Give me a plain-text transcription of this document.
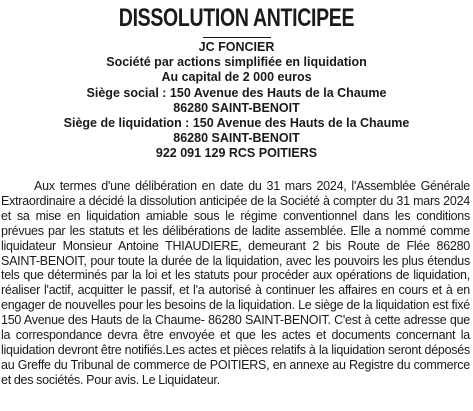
DISSOLUTION ANTICIPEE
JC FONCIER
Société par actions simplifiée en liquidation
Au capital de 2 000 euros
Siège social : 150 Avenue des Hauts de la Chaume
86280 SAINT-BENOIT
Siège de liquidation : 150 Avenue des Hauts de la Chaume
86280 SAINT-BENOIT
922 091 129 RCS POITIERS

Aux termes d'une délibération en date du 31 mars 2024, l'Assemblée Générale Extraordinaire a décidé la dissolution anticipée de la Société à compter du 31 mars 2024 et sa mise en liquidation amiable sous le régime conventionnel dans les conditions prévues par les statuts et les délibérations de ladite assemblée. Elle a nommé comme liquidateur Monsieur Antoine THIAUDIERE, demeurant 2 bis Route de Flée 86280 SAINT-BENOIT, pour toute la durée de la liquidation, avec les pouvoirs les plus étendus tels que déterminés par la loi et les statuts pour procéder aux opérations de liquidation, réaliser l'actif, acquitter le passif, et l'a autorisé à continuer les affaires en cours et à en engager de nouvelles pour les besoins de la liquidation. Le siège de la liquidation est fixé 150 Avenue des Hauts de la Chaume- 86280 SAINT-BENOIT. C'est à cette adresse que la correspondance devra être envoyée et que les actes et documents concernant la liquidation devront être notifiés.Les actes et pièces relatifs à la liquidation seront déposés au Greffe du Tribunal de commerce de POITIERS, en annexe au Registre du commerce et des sociétés. Pour avis. Le Liquidateur.
